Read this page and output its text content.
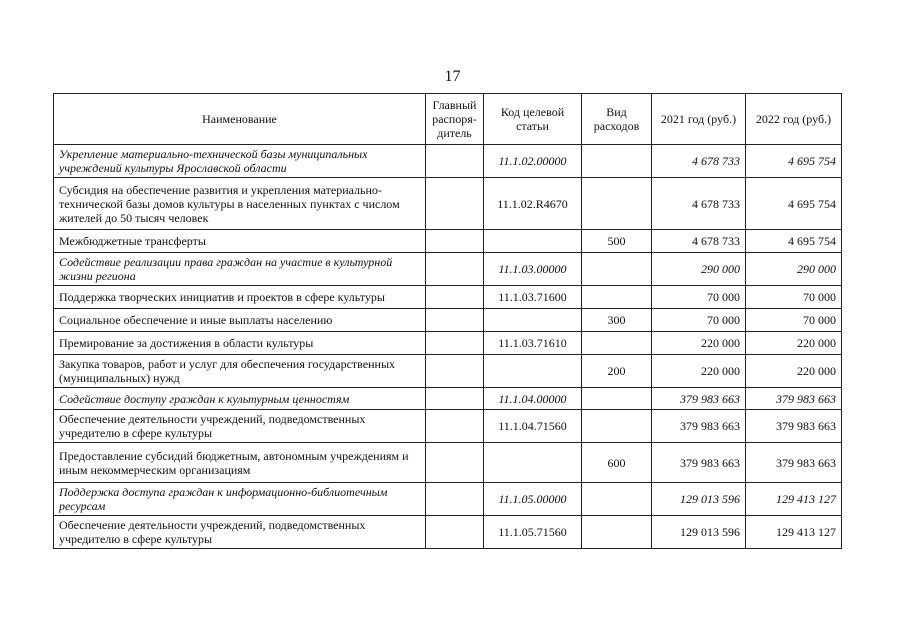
17
Наименование	Главный распоря-дитель	Код целевой статьи	Вид расходов	2021 год (руб.)	2022 год (руб.)
Укрепление материально-технической базы муниципальных учреждений культуры Ярославской области		11.1.02.00000		4 678 733	4 695 754
Субсидия на обеспечение развития и укрепления материально-технической базы домов культуры в населенных пунктах с числом жителей до 50 тысяч человек		11.1.02.R4670		4 678 733	4 695 754
Межбюджетные трансферты			500	4 678 733	4 695 754
Содействие реализации права граждан на участие в культурной жизни региона		11.1.03.00000		290 000	290 000
Поддержка творческих инициатив и проектов в сфере культуры		11.1.03.71600		70 000	70 000
Социальное обеспечение и иные выплаты населению			300	70 000	70 000
Премирование за достижения в области культуры		11.1.03.71610		220 000	220 000
Закупка товаров, работ и услуг для обеспечения государственных (муниципальных) нужд			200	220 000	220 000
Содействие доступу граждан к культурным ценностям		11.1.04.00000		379 983 663	379 983 663
Обеспечение деятельности учреждений, подведомственных учредителю в сфере культуры		11.1.04.71560		379 983 663	379 983 663
Предоставление субсидий бюджетным, автономным учреждениям и иным некоммерческим организациям			600	379 983 663	379 983 663
Поддержка доступа граждан к информационно-библиотечным ресурсам		11.1.05.00000		129 013 596	129 413 127
Обеспечение деятельности учреждений, подведомственных учредителю в сфере культуры		11.1.05.71560		129 013 596	129 413 127
